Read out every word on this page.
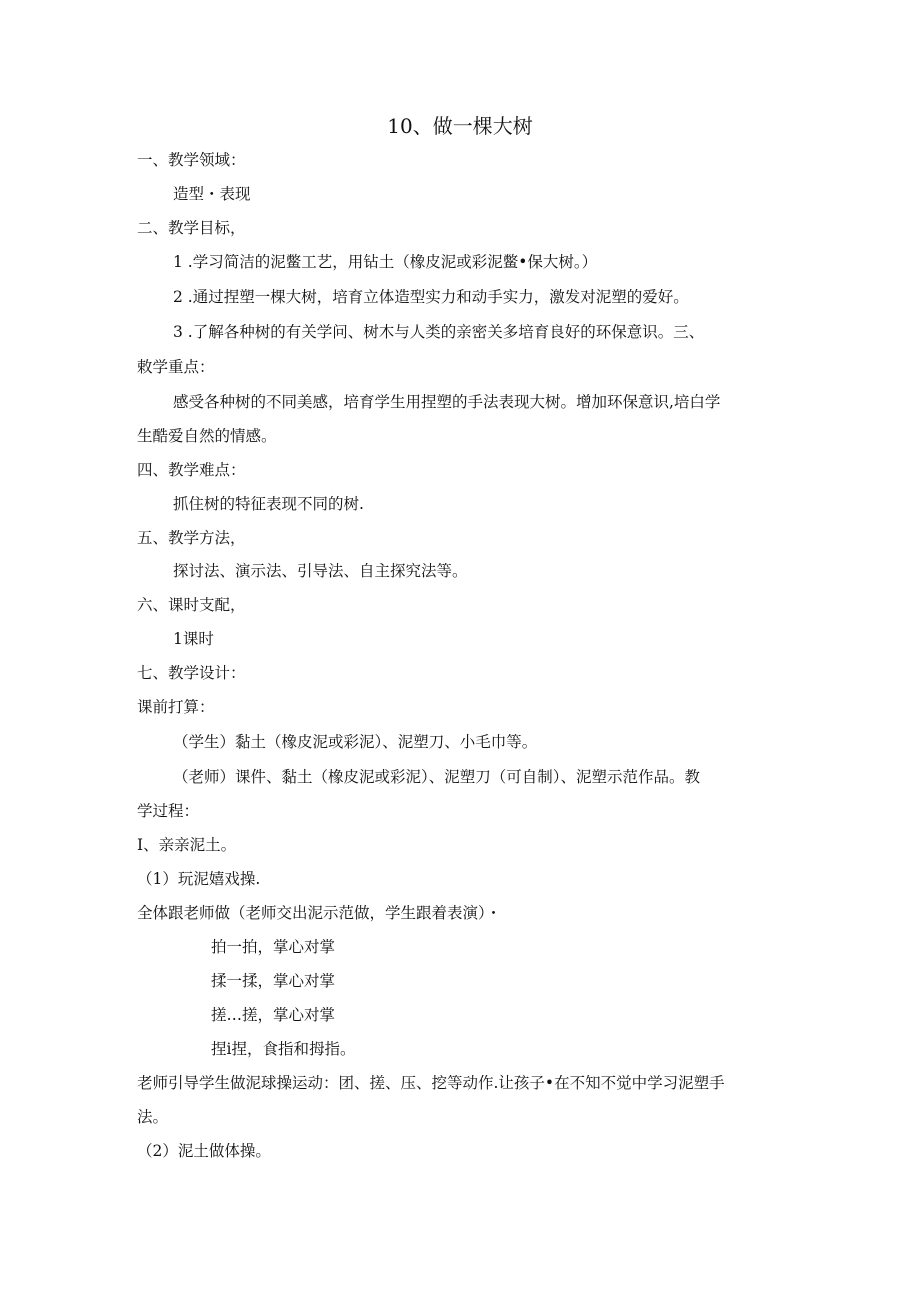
10、做一棵大树
一、教学领域：
造型・表现
二、教学目标，
1 .学习简洁的泥鳖工艺，用钻土（橡皮泥或彩泥鳖•保大树。）
2 .通过捏塑一棵大树，培育立体造型实力和动手实力，激发对泥塑的爱好。
3 .了解各种树的有关学问、树木与人类的亲密关多培育良好的环保意识。三、
敕学重点：
感受各种树的不同美感，培育学生用捏塑的手法表现大树。增加环保意识,培白学
生酷爱自然的情感。
四、教学难点：
抓住树的特征表现不同的树.
五、教学方法，
探讨法、演示法、引导法、自主探究法等。
六、课时支配，
1课时
七、教学设计：
课前打算：
（学生）黏土（橡皮泥或彩泥）、泥塑刀、小毛巾等。
（老师）课件、黏土（橡皮泥或彩泥）、泥塑刀（可自制）、泥塑示范作品。教
学过程：
I、亲亲泥土。
（1）玩泥嬉戏操.
全体跟老师做（老师交出泥示范做，学生跟着表演）・
拍一拍，掌心对掌
揉一揉，掌心对掌
搓…搓，掌心对掌
捏i捏，食指和拇指。
老师引导学生做泥球操运动：团、搓、压、挖等动作.让孩子•在不知不觉中学习泥塑手
法。
（2）泥土做体操。
